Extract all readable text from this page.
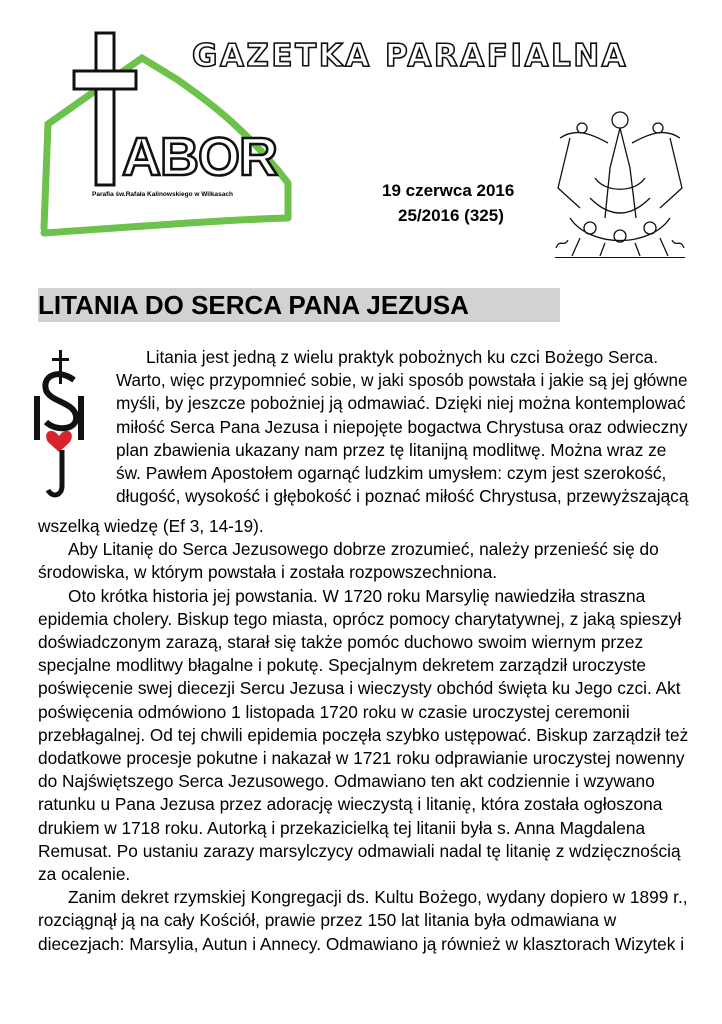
ABOR
Parafia św.Rafała Kalinowskiego w Wilkasach
GAZETKA PARAFIALNA
19 czerwca 2016
25/2016 (325)
LITANIA DO SERCA PANA JEZUSA
Litania jest jedną z wielu praktyk pobożnych ku czci Bożego Serca.
Warto, więc przypomnieć sobie, w jaki sposób powstała i jakie są jej główne
myśli, by jeszcze pobożniej ją odmawiać. Dzięki niej można kontemplować
miłość Serca Pana Jezusa i niepojęte bogactwa Chrystusa oraz odwieczny
plan zbawienia ukazany nam przez tę litanijną modlitwę. Można wraz ze
św. Pawłem Apostołem ogarnąć ludzkim umysłem: czym jest szerokość,
długość, wysokość i głębokość i poznać miłość Chrystusa, przewyższającą
wszelką wiedzę (Ef 3, 14-19).
Aby Litanię do Serca Jezusowego dobrze zrozumieć, należy przenieść się do
środowiska, w którym powstała i została rozpowszechniona.
Oto krótka historia jej powstania. W 1720 roku Marsylię nawiedziła straszna
epidemia cholery. Biskup tego miasta, oprócz pomocy charytatywnej, z jaką spieszył
doświadczonym zarazą, starał się także pomóc duchowo swoim wiernym przez
specjalne modlitwy błagalne i pokutę. Specjalnym dekretem zarządził uroczyste
poświęcenie swej diecezji Sercu Jezusa i wieczysty obchód święta ku Jego czci. Akt
poświęcenia odmówiono 1 listopada 1720 roku w czasie uroczystej ceremonii
przebłagalnej. Od tej chwili epidemia poczęła szybko ustępować. Biskup zarządził też
dodatkowe procesje pokutne i nakazał w 1721 roku odprawianie uroczystej nowenny
do Najświętszego Serca Jezusowego. Odmawiano ten akt codziennie i wzywano
ratunku u Pana Jezusa przez adorację wieczystą i litanię, która została ogłoszona
drukiem w 1718 roku. Autorką i przekazicielką tej litanii była s. Anna Magdalena
Remusat. Po ustaniu zarazy marsylczycy odmawiali nadal tę litanię z wdzięcznością
za ocalenie.
Zanim dekret rzymskiej Kongregacji ds. Kultu Bożego, wydany dopiero w 1899 r.,
rozciągnął ją na cały Kościół, prawie przez 150 lat litania była odmawiana w
diecezjach: Marsylia, Autun i Annecy. Odmawiano ją również w klasztorach Wizytek i
